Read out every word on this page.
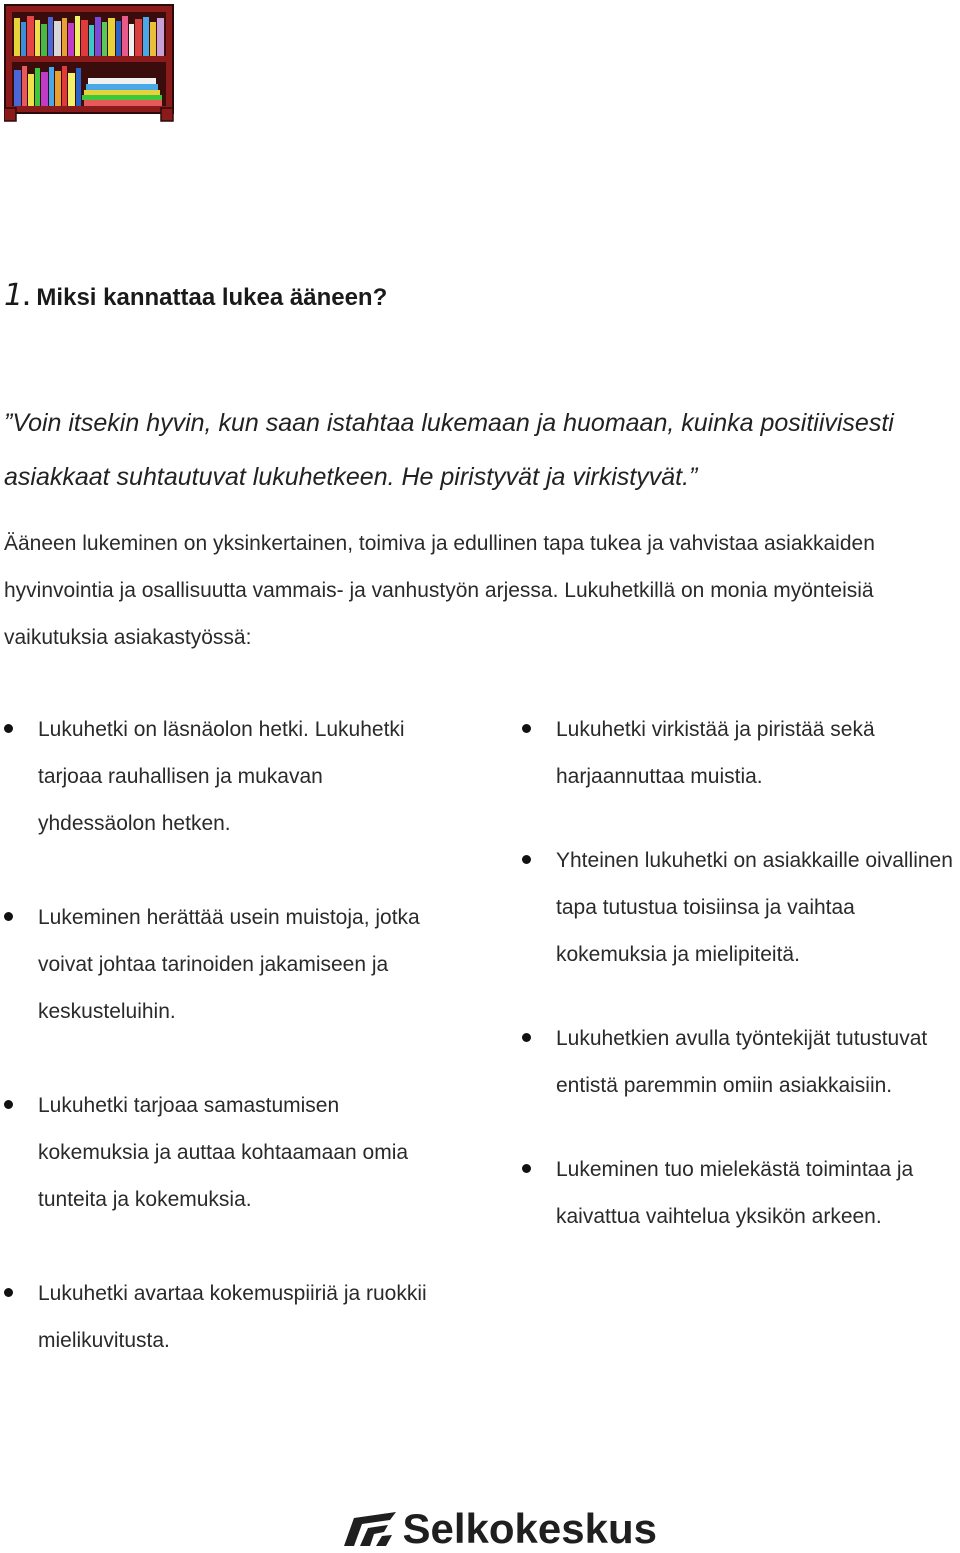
1. Miksi kannattaa lukea ääneen?
”Voin itsekin hyvin, kun saan istahtaa lukemaan ja huomaan, kuinka positiivisesti asiakkaat suhtautuvat lukuhetkeen. He piristyvät ja virkistyvät.”
Ääneen lukeminen on yksinkertainen, toimiva ja edullinen tapa tukea ja vahvistaa asiakkaiden hyvinvointia ja osallisuutta vammais- ja vanhustyön arjessa. Lukuhetkillä on monia myönteisiä vaikutuksia asiakastyössä:
Lukuhetki on läsnäolon hetki. Lukuhetki tarjoaa rauhallisen ja mukavan yhdessäolon hetken.
Lukeminen herättää usein muistoja, jotka voivat johtaa tarinoiden jakamiseen ja keskusteluihin.
Lukuhetki tarjoaa samastumisen kokemuksia ja auttaa kohtaamaan omia tunteita ja kokemuksia.
Lukuhetki avartaa kokemuspiiriä ja ruokkii mielikuvitusta.
Lukuhetki virkistää ja piristää sekä harjaannuttaa muistia.
Yhteinen lukuhetki on asiakkaille oivallinen tapa tutustua toisiinsa ja vaihtaa kokemuksia ja mielipiteitä.
Lukuhetkien avulla työntekijät tutustuvat entistä paremmin omiin asiakkaisiin.
Lukeminen tuo mielekästä toimintaa ja kaivattua vaihtelua yksikön arkeen.
Selkokeskus
